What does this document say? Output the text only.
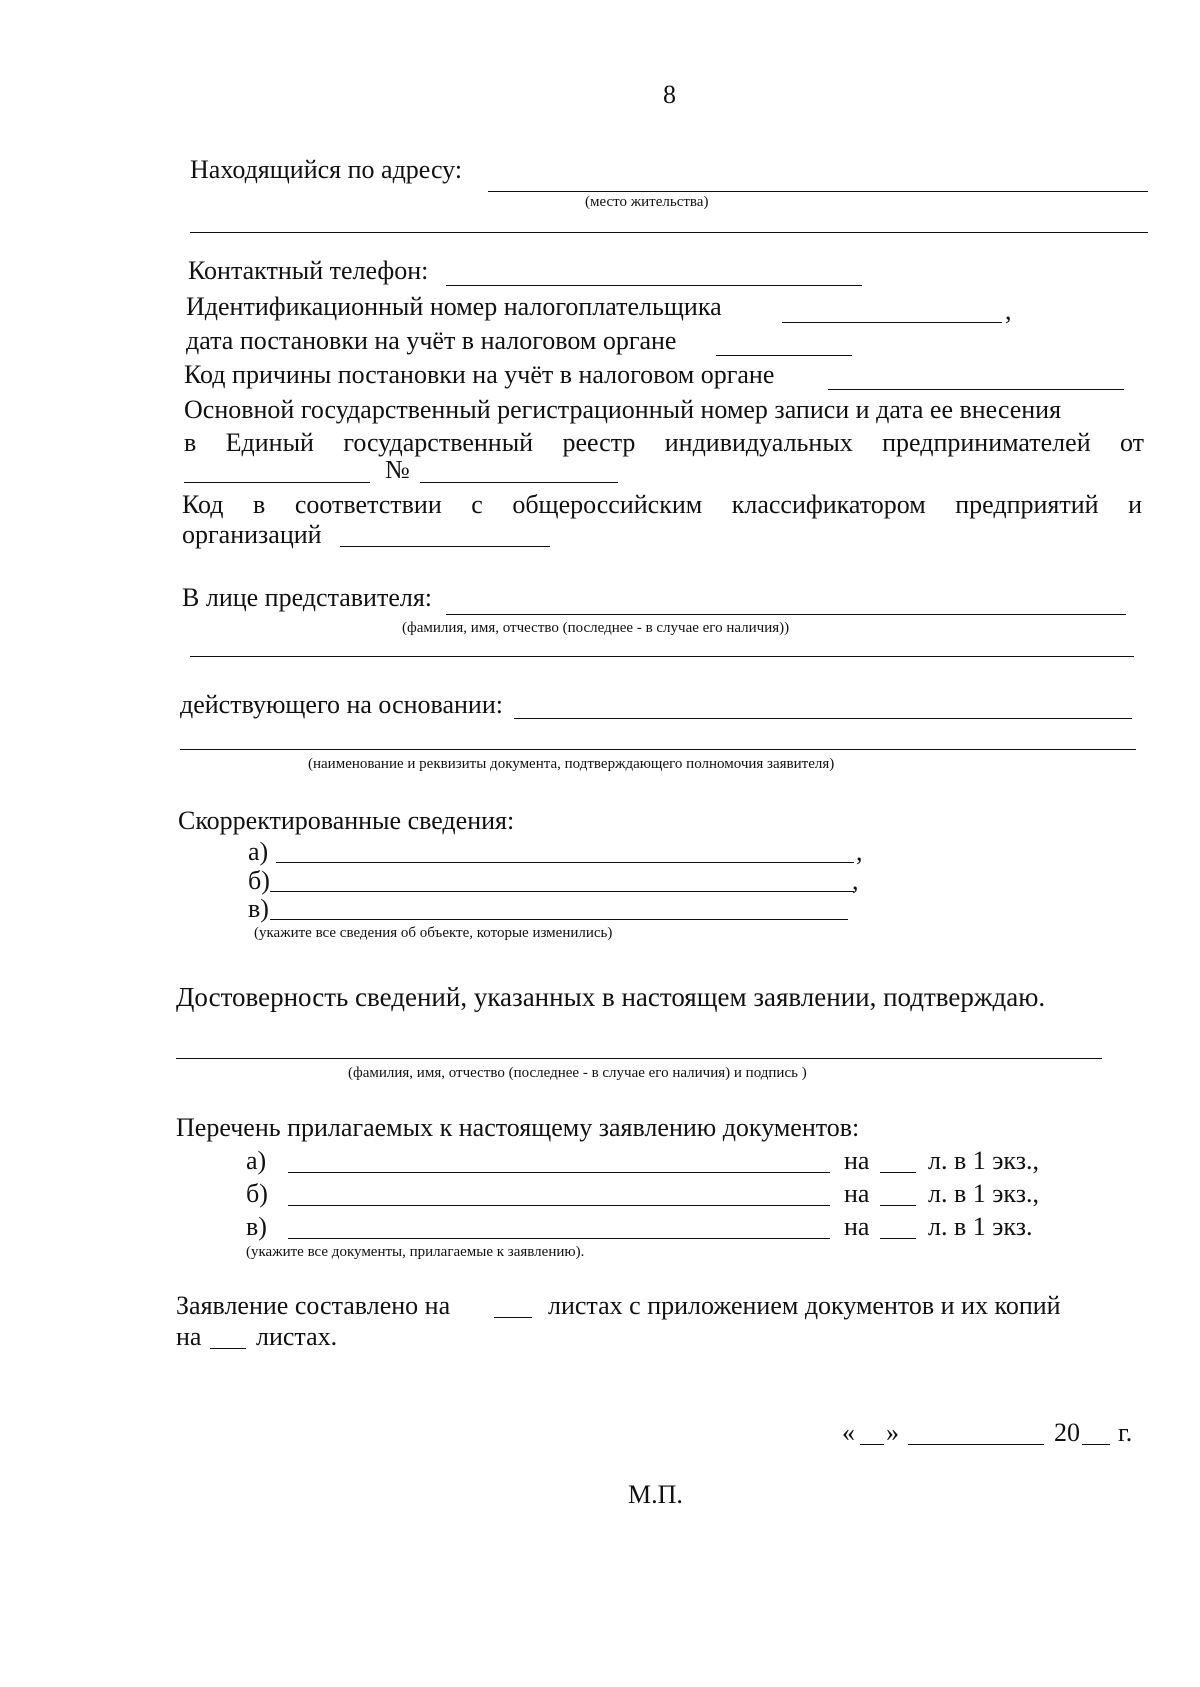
8
Находящийся по адресу:
(место жительства)
Контактный телефон:
Идентификационный номер налогоплательщика	,
дата постановки на учёт в налоговом органе
Код причины постановки на учёт в налоговом органе
Основной государственный регистрационный номер записи и дата ее внесения
в Единый государственный реестр индивидуальных предпринимателей от
№
Код в соответствии с общероссийским классификатором предприятий и
организаций
В лице представителя:
(фамилия, имя, отчество (последнее - в случае его наличия))
действующего на основании:
(наименование и реквизиты документа, подтверждающего полномочия заявителя)
Скорректированные сведения:
а)	,
б)	,
в)
(укажите все сведения об объекте, которые изменились)
Достоверность сведений, указанных в настоящем заявлении, подтверждаю.
(фамилия, имя, отчество (последнее - в случае его наличия) и подпись )
Перечень прилагаемых к настоящему заявлению документов:
а)	на л. в 1 экз.,
б)	на л. в 1 экз.,
в)	на л. в 1 экз.
(укажите все документы, прилагаемые к заявлению).
Заявление составлено на	листах с приложением документов и их копий
на листах.
« »	20 г.
М.П.
